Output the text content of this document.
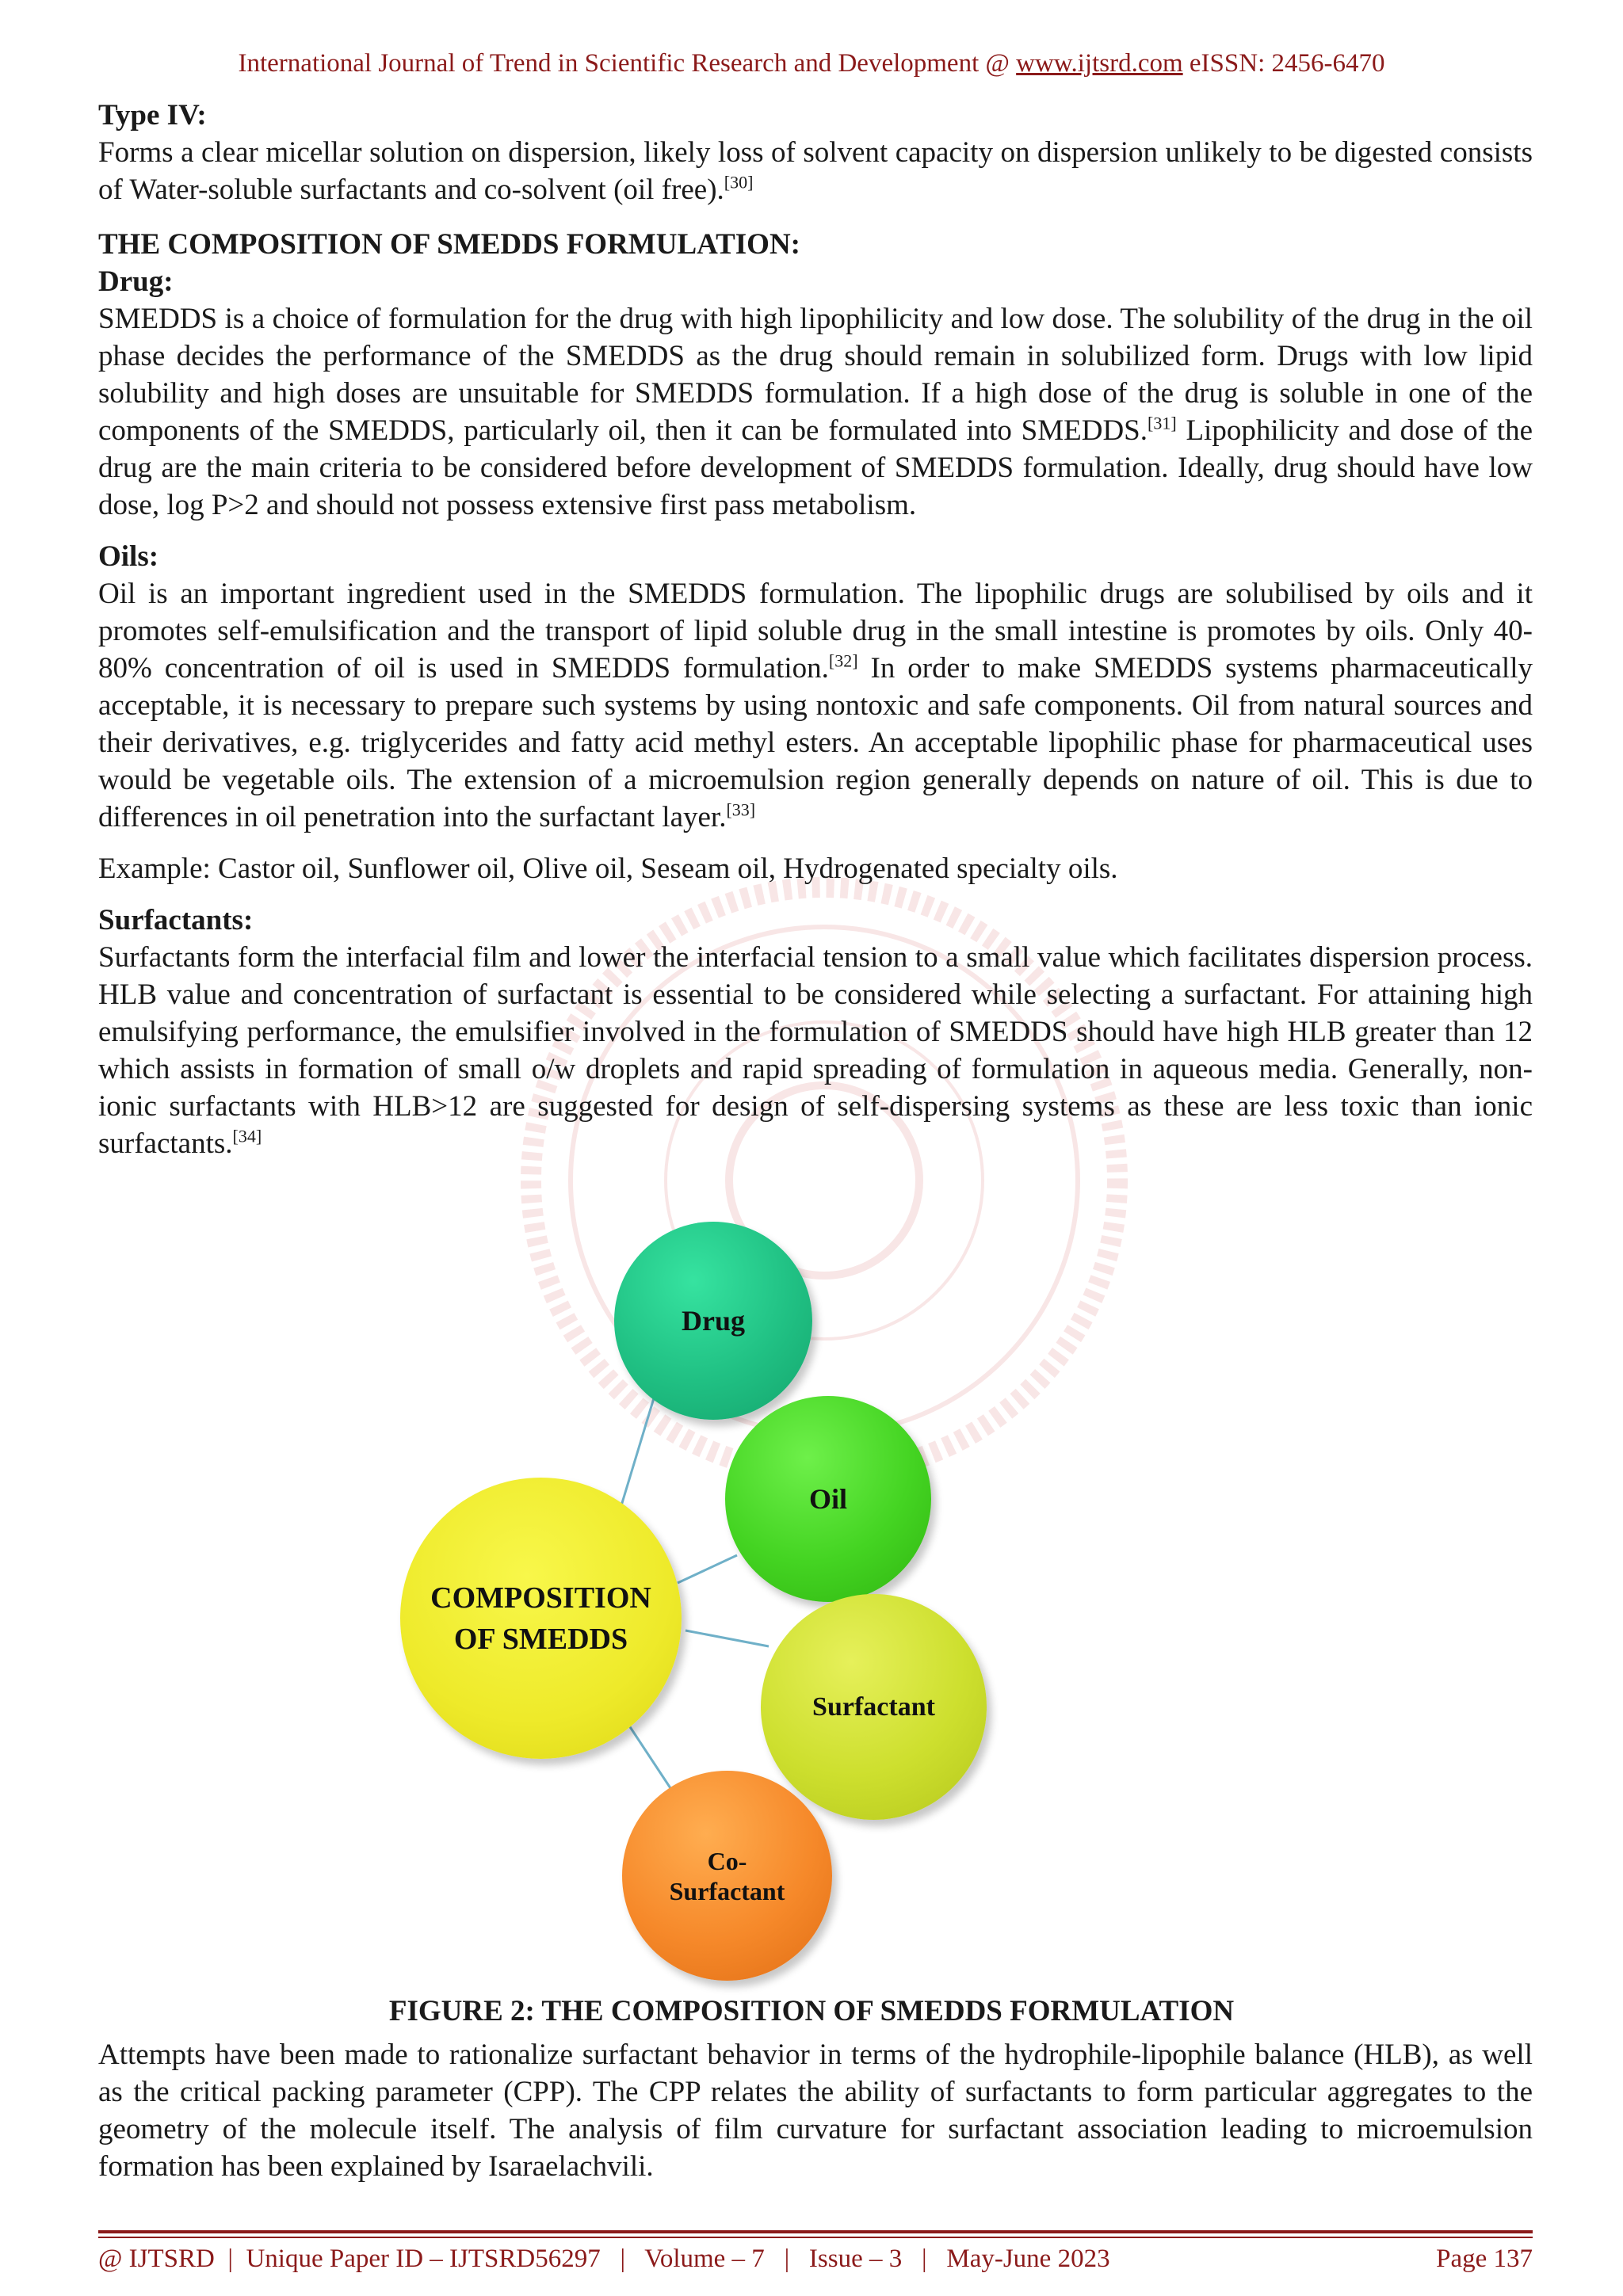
International Journal of Trend in Scientific Research and Development @ www.ijtsrd.com eISSN: 2456-6470

Type IV:

Forms a clear micellar solution on dispersion, likely loss of solvent capacity on dispersion unlikely to be digested consists of Water-soluble surfactants and co-solvent (oil free).[30]

THE COMPOSITION OF SMEDDS FORMULATION:

Drug:

SMEDDS is a choice of formulation for the drug with high lipophilicity and low dose. The solubility of the drug in the oil phase decides the performance of the SMEDDS as the drug should remain in solubilized form. Drugs with low lipid solubility and high doses are unsuitable for SMEDDS formulation. If a high dose of the drug is soluble in one of the components of the SMEDDS, particularly oil, then it can be formulated into SMEDDS.[31] Lipophilicity and dose of the drug are the main criteria to be considered before development of SMEDDS formulation. Ideally, drug should have low dose, log P>2 and should not possess extensive first pass metabolism.

Oils:

Oil is an important ingredient used in the SMEDDS formulation. The lipophilic drugs are solubilised by oils and it promotes self-emulsification and the transport of lipid soluble drug in the small intestine is promotes by oils. Only 40-80% concentration of oil is used in SMEDDS formulation.[32] In order to make SMEDDS systems pharmaceutically acceptable, it is necessary to prepare such systems by using nontoxic and safe components. Oil from natural sources and their derivatives, e.g. triglycerides and fatty acid methyl esters. An acceptable lipophilic phase for pharmaceutical uses would be vegetable oils. The extension of a microemulsion region generally depends on nature of oil. This is due to differences in oil penetration into the surfactant layer.[33]

Example: Castor oil, Sunflower oil, Olive oil, Seseam oil, Hydrogenated specialty oils.

Surfactants:

Surfactants form the interfacial film and lower the interfacial tension to a small value which facilitates dispersion process. HLB value and concentration of surfactant is essential to be considered while selecting a surfactant. For attaining high emulsifying performance, the emulsifier involved in the formulation of SMEDDS should have high HLB greater than 12 which assists in formation of small o/w droplets and rapid spreading of formulation in aqueous media. Generally, non-ionic surfactants with HLB>12 are suggested for design of self-dispersing systems as these are less toxic than ionic surfactants.[34]

COMPOSITION
OF SMEDDS
Drug
Oil
Surfactant
Co-
Surfactant
FIGURE 2: THE COMPOSITION OF SMEDDS FORMULATION

Attempts have been made to rationalize surfactant behavior in terms of the hydrophile-lipophile balance (HLB), as well as the critical packing parameter (CPP). The CPP relates the ability of surfactants to form particular aggregates to the geometry of the molecule itself. The analysis of film curvature for surfactant association leading to microemulsion formation has been explained by Isaraelachvili.

@ IJTSRD  |  Unique Paper ID – IJTSRD56297   |   Volume – 7   |   Issue – 3   |   May-June 2023	Page 137
